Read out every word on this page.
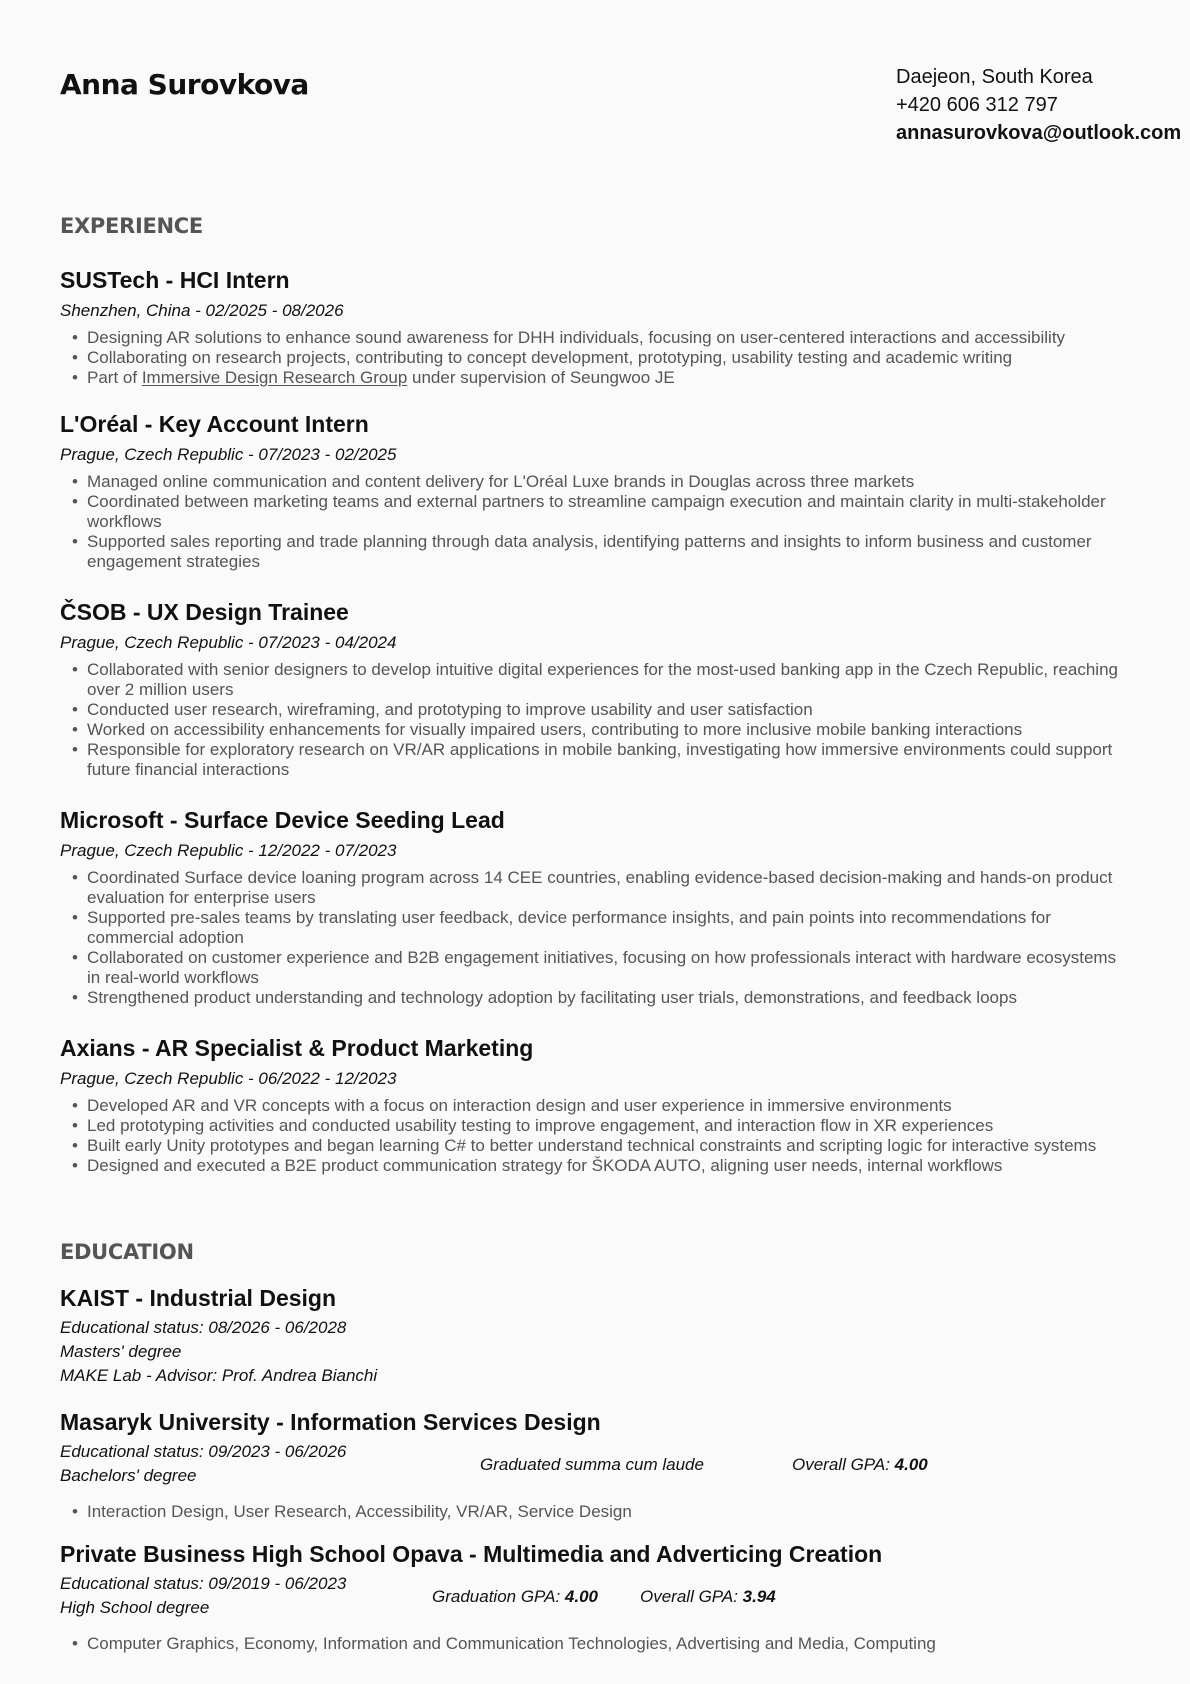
Anna Surovkova	Daejeon, South Korea
+420 606 312 797
annasurovkova@outlook.com
EXPERIENCE
SUSTech - HCI Intern

Shenzhen, China - 02/2025 - 08/2026

• Designing AR solutions to enhance sound awareness for DHH individuals, focusing on user-centered interactions and accessibility
• Collaborating on research projects, contributing to concept development, prototyping, usability testing and academic writing
• Part of Immersive Design Research Group under supervision of Seungwoo JE
L'Oréal - Key Account Intern

Prague, Czech Republic - 07/2023 - 02/2025

• Managed online communication and content delivery for L'Oréal Luxe brands in Douglas across three markets
• Coordinated between marketing teams and external partners to streamline campaign execution and maintain clarity in multi-stakeholder workflows
• Supported sales reporting and trade planning through data analysis, identifying patterns and insights to inform business and customer engagement strategies
ČSOB - UX Design Trainee

Prague, Czech Republic - 07/2023 - 04/2024

• Collaborated with senior designers to develop intuitive digital experiences for the most-used banking app in the Czech Republic, reaching over 2 million users
• Conducted user research, wireframing, and prototyping to improve usability and user satisfaction
• Worked on accessibility enhancements for visually impaired users, contributing to more inclusive mobile banking interactions
• Responsible for exploratory research on VR/AR applications in mobile banking, investigating how immersive environments could support future financial interactions
Microsoft - Surface Device Seeding Lead

Prague, Czech Republic - 12/2022 - 07/2023

• Coordinated Surface device loaning program across 14 CEE countries, enabling evidence-based decision-making and hands-on product evaluation for enterprise users
• Supported pre-sales teams by translating user feedback, device performance insights, and pain points into recommendations for commercial adoption
• Collaborated on customer experience and B2B engagement initiatives, focusing on how professionals interact with hardware ecosystems in real-world workflows
• Strengthened product understanding and technology adoption by facilitating user trials, demonstrations, and feedback loops
Axians - AR Specialist & Product Marketing

Prague, Czech Republic - 06/2022 - 12/2023

• Developed AR and VR concepts with a focus on interaction design and user experience in immersive environments
• Led prototyping activities and conducted usability testing to improve engagement, and interaction flow in XR experiences
• Built early Unity prototypes and began learning C# to better understand technical constraints and scripting logic for interactive systems
• Designed and executed a B2E product communication strategy for ŠKODA AUTO, aligning user needs, internal workflows
EDUCATION
KAIST - Industrial Design
Educational status: 08/2026 - 06/2028
Masters' degree
MAKE Lab - Advisor: Prof. Andrea Bianchi
Masaryk University - Information Services Design
Educational status: 09/2023 - 06/2026
Bachelors' degree
Graduated summa cum laude	Overall GPA: 4.00
• Interaction Design, User Research, Accessibility, VR/AR, Service Design
Private Business High School Opava - Multimedia and Adverticing Creation
Educational status: 09/2019 - 06/2023
High School degree
Graduation GPA: 4.00 Overall GPA: 3.94
• Computer Graphics, Economy, Information and Communication Technologies, Advertising and Media, Computing
